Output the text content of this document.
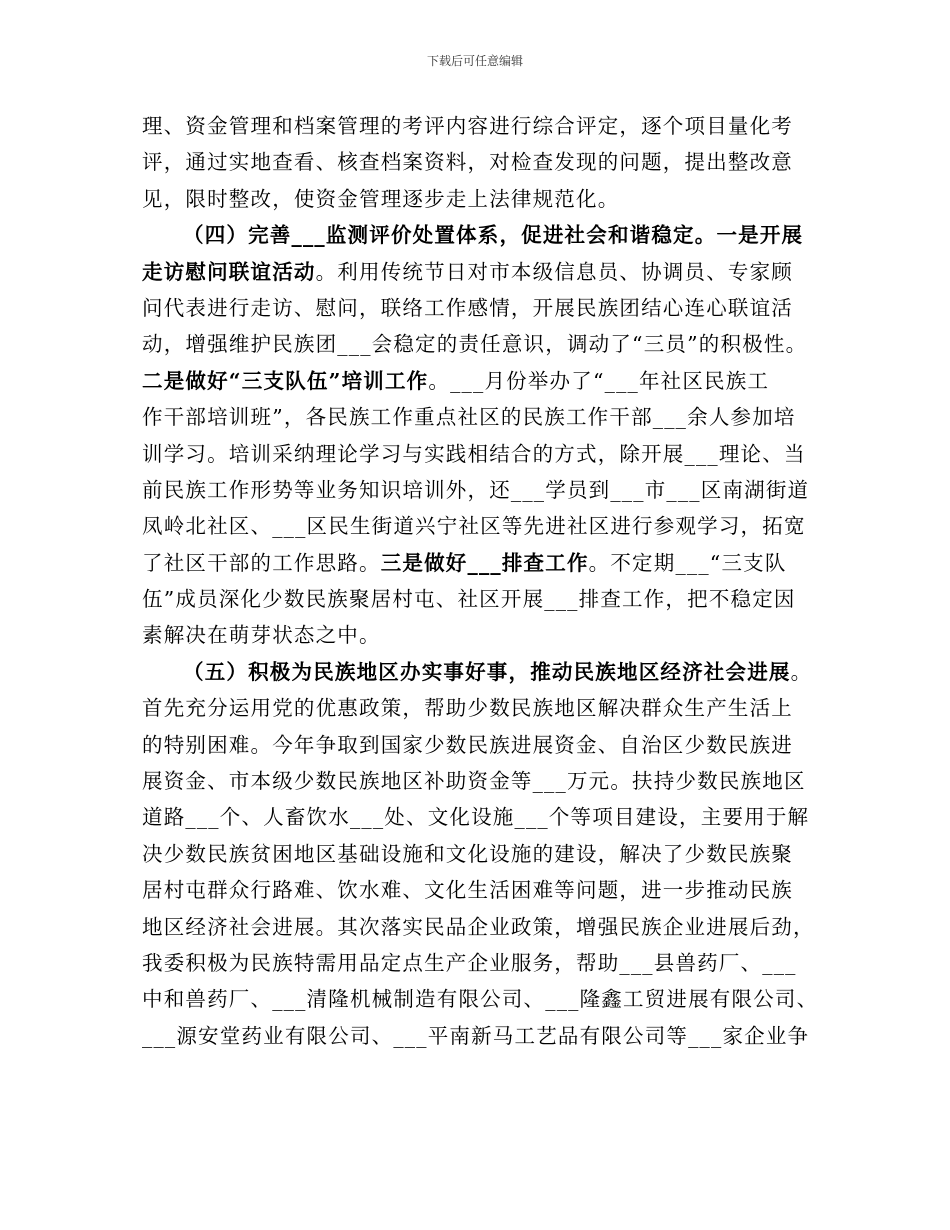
下载后可任意编辑
理、资金管理和档案管理的考评内容进行综合评定，逐个项目量化考
评，通过实地查看、核查档案资料，对检查发现的问题，提出整改意
见，限时整改，使资金管理逐步走上法律规范化。
（四）完善___监测评价处置体系，促进社会和谐稳定。一是开展
走访慰问联谊活动。利用传统节日对市本级信息员、协调员、专家顾
问代表进行走访、慰问，联络工作感情，开展民族团结心连心联谊活
动，增强维护民族团___会稳定的责任意识，调动了“三员”的积极性。
二是做好“三支队伍”培训工作。___月份举办了“___年社区民族工
作干部培训班”，各民族工作重点社区的民族工作干部___余人参加培
训学习。培训采纳理论学习与实践相结合的方式，除开展___理论、当
前民族工作形势等业务知识培训外，还___学员到___市___区南湖街道
凤岭北社区、___区民生街道兴宁社区等先进社区进行参观学习，拓宽
了社区干部的工作思路。三是做好___排查工作。不定期___“三支队
伍”成员深化少数民族聚居村屯、社区开展___排查工作，把不稳定因
素解决在萌芽状态之中。
（五）积极为民族地区办实事好事，推动民族地区经济社会进展。
首先充分运用党的优惠政策，帮助少数民族地区解决群众生产生活上
的特别困难。今年争取到国家少数民族进展资金、自治区少数民族进
展资金、市本级少数民族地区补助资金等___万元。扶持少数民族地区
道路___个、人畜饮水___处、文化设施___个等项目建设，主要用于解
决少数民族贫困地区基础设施和文化设施的建设，解决了少数民族聚
居村屯群众行路难、饮水难、文化生活困难等问题，进一步推动民族
地区经济社会进展。其次落实民品企业政策，增强民族企业进展后劲，
我委积极为民族特需用品定点生产企业服务，帮助___县兽药厂、___
中和兽药厂、___清隆机械制造有限公司、___隆鑫工贸进展有限公司、
___源安堂药业有限公司、___平南新马工艺品有限公司等___家企业争
